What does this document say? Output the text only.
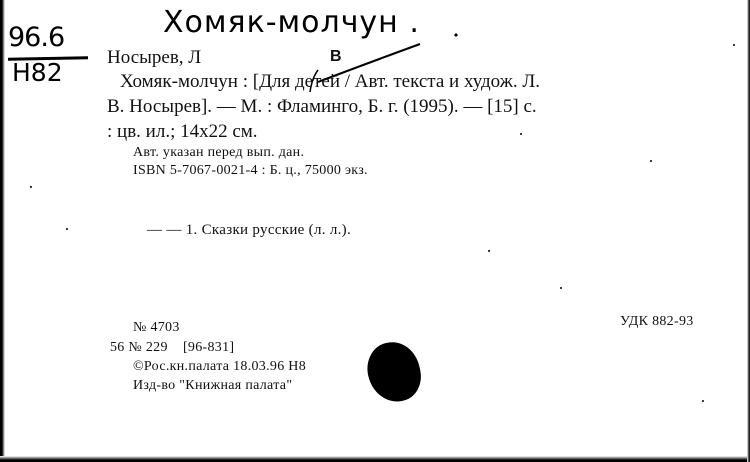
Хомяк-молчун .
96.6
Н82
В
Носырев, Л
Хомяк-молчун : [Для детей / Авт. текста и худож. Л.
В. Носырев]. — М. : Фламинго, Б. г. (1995). — [15] с.
: цв. ил.; 14х22 см.
Авт. указан перед вып. дан.
ISBN 5-7067-0021-4 : Б. ц., 75000 экз.
— — 1. Сказки русские (л. л.).
№ 4703	УДК 882-93
56 № 229    [96-831]
©Рос.кн.палата 18.03.96 Н8
Изд-во "Книжная палата"
